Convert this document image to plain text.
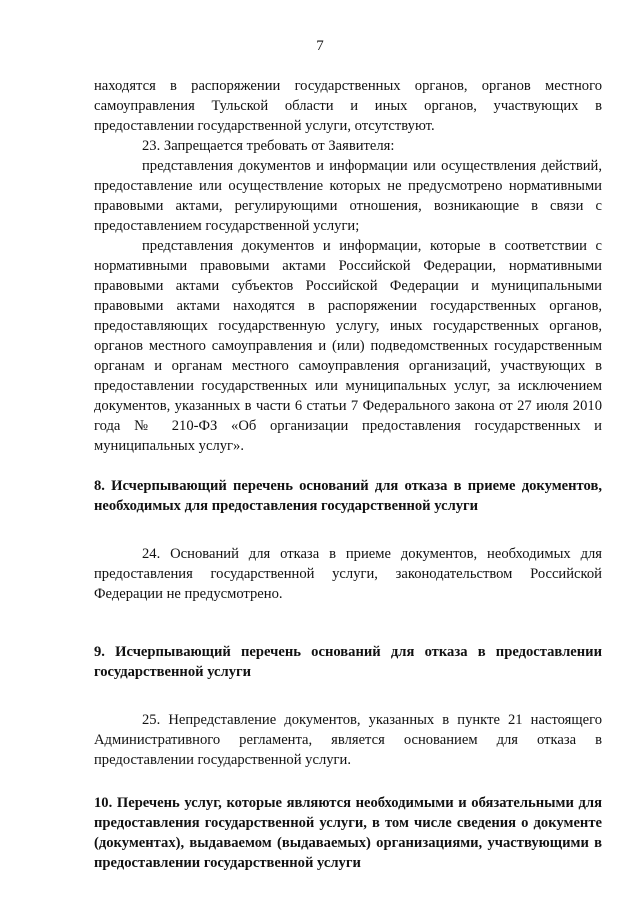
7

находятся в распоряжении государственных органов, органов местного самоуправления Тульской области и иных органов, участвующих в предоставлении государственной услуги, отсутствуют.

23. Запрещается требовать от Заявителя:

представления документов и информации или осуществления действий, предоставление или осуществление которых не предусмотрено нормативными правовыми актами, регулирующими отношения, возникающие в связи с предоставлением государственной услуги;

представления документов и информации, которые в соответствии с нормативными правовыми актами Российской Федерации, нормативными правовыми актами субъектов Российской Федерации и муниципальными правовыми актами находятся в распоряжении государственных органов, предоставляющих государственную услугу, иных государственных органов, органов местного самоуправления и (или) подведомственных государственным органам и органам местного самоуправления организаций, участвующих в предоставлении государственных или муниципальных услуг, за исключением документов, указанных в части 6 статьи 7 Федерального закона от 27 июля 2010 года № 210-ФЗ «Об организации предоставления государственных и муниципальных услуг».

8. Исчерпывающий перечень оснований для отказа в приеме документов, необходимых для предоставления государственной услуги

24. Оснований для отказа в приеме документов, необходимых для предоставления государственной услуги, законодательством Российской Федерации не предусмотрено.

9. Исчерпывающий перечень оснований для отказа в предоставлении государственной услуги

25. Непредставление документов, указанных в пункте 21 настоящего Административного регламента, является основанием для отказа в предоставлении государственной услуги.

10. Перечень услуг, которые являются необходимыми и обязательными для предоставления государственной услуги, в том числе сведения о документе (документах), выдаваемом (выдаваемых) организациями, участвующими в предоставлении государственной услуги
